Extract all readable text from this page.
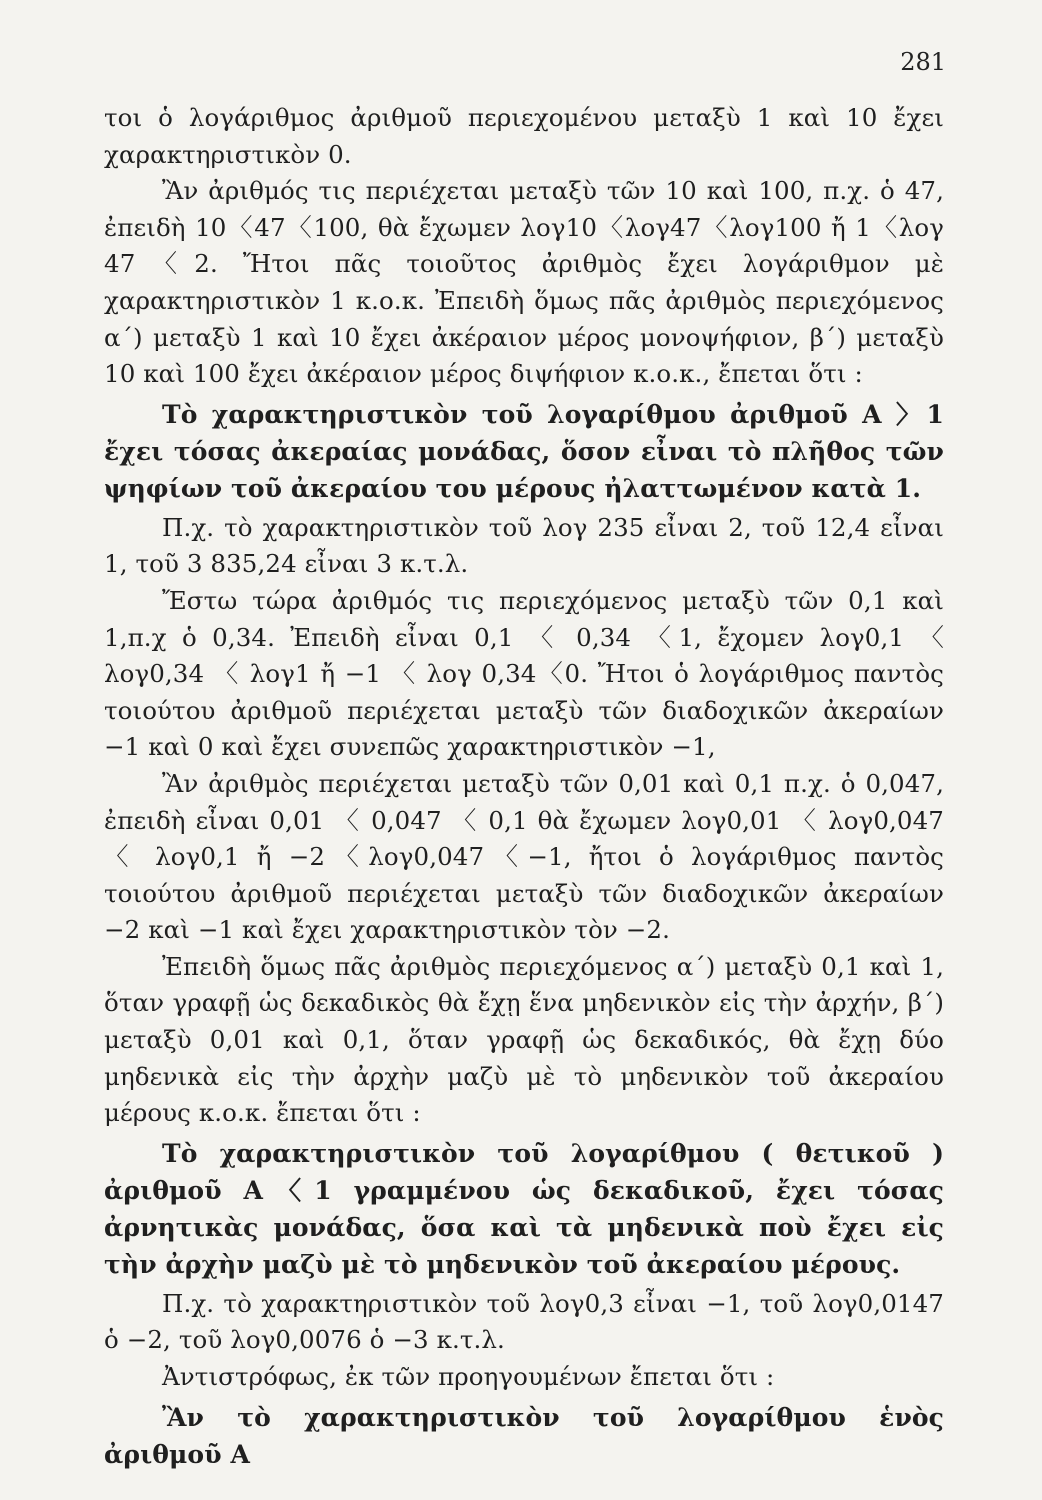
281

τοι ὁ λογάριθμος ἀριθμοῦ περιεχομένου μεταξὺ 1 καὶ 10 ἔχει χαρακτηριστικὸν 0.

Ἂν ἀριθμός τις περιέχεται μεταξὺ τῶν 10 καὶ 100, π.χ. ὁ 47, ἐπειδὴ 10〈47〈100, θὰ ἔχωμεν λογ10〈λογ47〈λογ100 ἤ 1〈λογ 47〈2. Ἤτοι πᾶς τοιοῦτος ἀριθμὸς ἔχει λογάριθμον μὲ χαρακτηριστικὸν 1 κ.ο.κ. Ἐπειδὴ ὅμως πᾶς ἀριθμὸς περιεχόμενος α΄) μεταξὺ 1 καὶ 10 ἔχει ἀκέραιον μέρος μονοψήφιον, β΄) μεταξὺ 10 καὶ 100 ἔχει ἀκέραιον μέρος διψήφιον κ.ο.κ., ἔπεται ὅτι :

Τὸ χαρακτηριστικὸν τοῦ λογαρίθμου ἀριθμοῦ Α 〉1 ἔχει τόσας ἀκεραίας μονάδας, ὅσον εἶναι τὸ πλῆθος τῶν ψηφίων τοῦ ἀκεραίου του μέρους ἠλαττωμένον κατὰ 1.

Π.χ. τὸ χαρακτηριστικὸν τοῦ λογ 235 εἶναι 2, τοῦ 12,4 εἶναι 1, τοῦ 3 835,24 εἶναι 3 κ.τ.λ.

Ἔστω τώρα ἀριθμός τις περιεχόμενος μεταξὺ τῶν 0,1 καὶ 1,π.χ ὁ 0,34. Ἐπειδὴ εἶναι 0,1 〈 0,34 〈1, ἔχομεν λογ0,1 〈 λογ0,34 〈 λογ1 ἤ −1 〈 λογ 0,34〈0. Ἤτοι ὁ λογάριθμος παντὸς τοιούτου ἀριθμοῦ περιέχεται μεταξὺ τῶν διαδοχικῶν ἀκεραίων −1 καὶ 0 καὶ ἔχει συνεπῶς χαρακτηριστικὸν −1,

Ἂν ἀριθμὸς περιέχεται μεταξὺ τῶν 0,01 καὶ 0,1 π.χ. ὁ 0,047, ἐπειδὴ εἶναι 0,01 〈 0,047 〈 0,1 θὰ ἔχωμεν λογ0,01 〈 λογ0,047 〈 λογ0,1 ἤ −2〈λογ0,047〈−1, ἤτοι ὁ λογάριθμος παντὸς τοιούτου ἀριθμοῦ περιέχεται μεταξὺ τῶν διαδοχικῶν ἀκεραίων −2 καὶ −1 καὶ ἔχει χαρακτηριστικὸν τὸν −2.

Ἐπειδὴ ὅμως πᾶς ἀριθμὸς περιεχόμενος α΄) μεταξὺ 0,1 καὶ 1, ὅταν γραφῇ ὡς δεκαδικὸς θὰ ἔχῃ ἕνα μηδενικὸν εἰς τὴν ἀρχήν, β΄) μεταξὺ 0,01 καὶ 0,1, ὅταν γραφῇ ὡς δεκαδικός, θὰ ἔχῃ δύο μηδενικὰ εἰς τὴν ἀρχὴν μαζὺ μὲ τὸ μηδενικὸν τοῦ ἀκεραίου μέρους κ.ο.κ. ἔπεται ὅτι :

Τὸ χαρακτηριστικὸν τοῦ λογαρίθμου ( θετικοῦ ) ἀριθμοῦ Α〈1 γραμμένου ὡς δεκαδικοῦ, ἔχει τόσας ἀρνητικὰς μονάδας, ὅσα καὶ τὰ μηδενικὰ ποὺ ἔχει εἰς τὴν ἀρχὴν μαζὺ μὲ τὸ μηδενικὸν τοῦ ἀκεραίου μέρους.

Π.χ. τὸ χαρακτηριστικὸν τοῦ λογ0,3 εἶναι −1, τοῦ λογ0,0147 ὁ −2, τοῦ λογ0,0076 ὁ −3 κ.τ.λ.

Ἀντιστρόφως, ἐκ τῶν προηγουμένων ἔπεται ὅτι :

Ἂν τὸ χαρακτηριστικὸν τοῦ λογαρίθμου ἑνὸς ἀριθμοῦ Α
